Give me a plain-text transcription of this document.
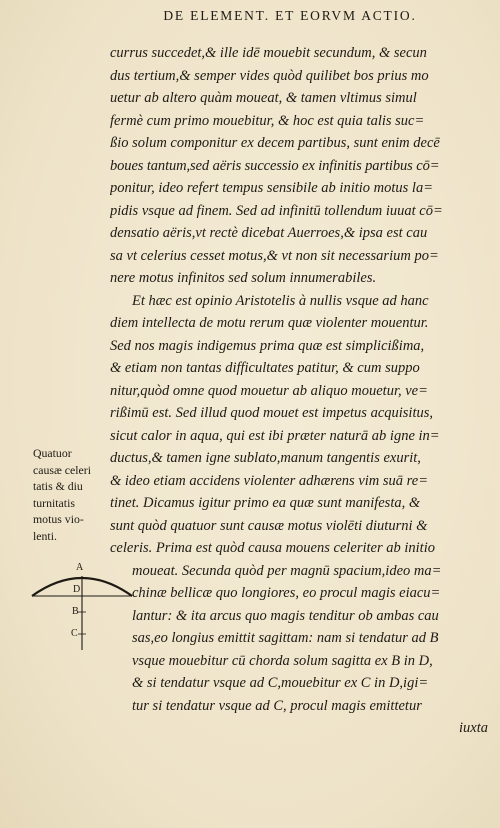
DE ELEMENT. ET EORVM ACTIO.
currus succedet,& ille idē mouebit secundum, & secun
dus tertium,& semper vides quòd quilibet bos prius mo
uetur ab altero quàm moueat, & tamen vltimus simul
fermè cum primo mouebitur, & hoc est quia talis suc=
ßio solum componitur ex decem partibus, sunt enim decē
boues tantum,sed aëris successio ex infinitis partibus cō=
ponitur, ideo refert tempus sensibile ab initio motus la=
pidis vsque ad finem. Sed ad infinitū tollendum iuuat cō=
densatio aëris,vt rectè dicebat Auerroes,& ipsa est cau
sa vt celerius cesset motus,& vt non sit necessarium po=
nere motus infinitos sed solum innumerabiles.
Et hæc est opinio Aristotelis à nullis vsque ad hanc
diem intellecta de motu rerum quæ violenter mouentur.
Sed nos magis indigemus prima quæ est simplicißima,
& etiam non tantas difficultates patitur, & cum suppo
nitur,quòd omne quod mouetur ab aliquo mouetur, ve=
rißimū est. Sed illud quod mouet est impetus acquisitus,
sicut calor in aqua, qui est ibi præter naturā ab igne in=
ductus,& tamen igne sublato,manum tangentis exurit,
& ideo etiam accidens violenter adhærens vim suā re=
tinet. Dicamus igitur primo ea quæ sunt manifesta, &
sunt quòd quatuor sunt causæ motus violēti diuturni &
celeris. Prima est quòd causa mouens celeriter ab initio
moueat. Secunda quòd per magnū spacium,ideo ma=
chinæ bellicæ quo longiores, eo procul magis eiacu=
lantur: & ita arcus quo magis tenditur ob ambas cau
sas,eo longius emittit sagittam: nam si tendatur ad B
vsque mouebitur cū chorda solum sagitta ex B in D,
& si tendatur vsque ad C,mouebitur ex C in D,igi=
tur si tendatur vsque ad C, procul magis emittetur
iuxta
Quatuor
causæ celeri
tatis & diu
turnitatis
motus vio-
lenti.
A
D
B
C
